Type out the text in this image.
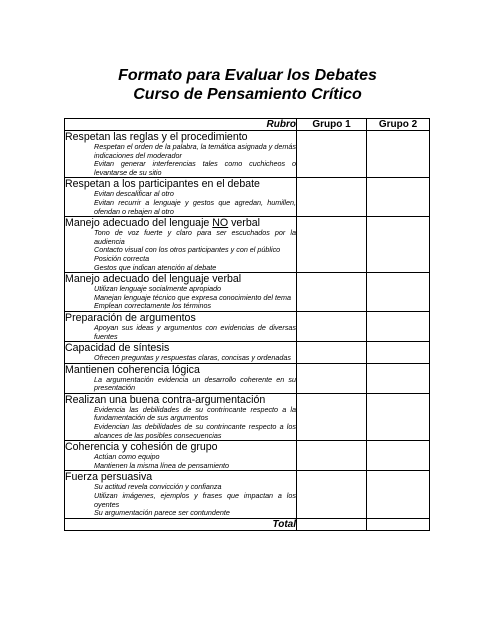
Formato para Evaluar los Debates

Curso de Pensamiento Crítico

Rubro	Grupo 1	Grupo 2

Respetan las reglas y el procedimiento
Respetan el orden de la palabra, la temática asignada y demás indicaciones del moderador
Evitan generar interferencias tales como cuchicheos o levantarse de su sitio		

Respetan a los participantes en el debate
Evitan descalificar al otro
Evitan recurrir a lenguaje y gestos que agredan, humillen, ofendan o rebajen al otro		

Manejo adecuado del lenguaje NO verbal
Tono de voz fuerte y claro para ser escuchados por la audiencia
Contacto visual con los otros participantes y con el público
Posición correcta
Gestos que indican atención al debate		

Manejo adecuado del lenguaje verbal
Utilizan lenguaje socialmente apropiado
Manejan lenguaje técnico que expresa conocimiento del tema
Emplean correctamente los términos		

Preparación de argumentos
Apoyan sus ideas y argumentos con evidencias de diversas fuentes		

Capacidad de síntesis
Ofrecen preguntas y respuestas claras, concisas y ordenadas		

Mantienen coherencia lógica
La argumentación evidencia un desarrollo coherente en su presentación		

Realizan una buena contra-argumentación
Evidencia las debilidades de su contrincante respecto a la fundamentación de sus argumentos
Evidencian las debilidades de su contrincante respecto a los alcances de las posibles consecuencias		

Coherencia y cohesión de grupo
Actúan como equipo
Mantienen la misma línea de pensamiento		

Fuerza persuasiva
Su actitud revela convicción y confianza
Utilizan imágenes, ejemplos y frases que impactan a los oyentes
Su argumentación parece ser contundente		

Total		
